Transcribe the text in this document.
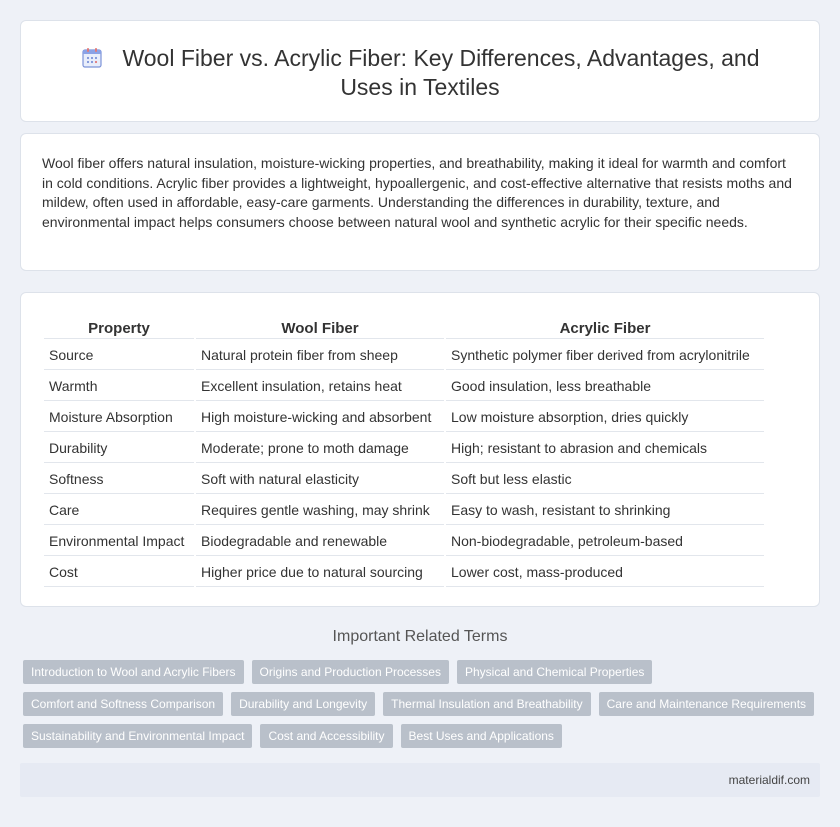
Wool Fiber vs. Acrylic Fiber: Key Differences, Advantages, and Uses in Textiles

Wool fiber offers natural insulation, moisture-wicking properties, and breathability, making it ideal for warmth and comfort in cold conditions. Acrylic fiber provides a lightweight, hypoallergenic, and cost-effective alternative that resists moths and mildew, often used in affordable, easy-care garments. Understanding the differences in durability, texture, and environmental impact helps consumers choose between natural wool and synthetic acrylic for their specific needs.

Property	Wool Fiber	Acrylic Fiber
Source	Natural protein fiber from sheep	Synthetic polymer fiber derived from acrylonitrile
Warmth	Excellent insulation, retains heat	Good insulation, less breathable
Moisture Absorption	High moisture-wicking and absorbent	Low moisture absorption, dries quickly
Durability	Moderate; prone to moth damage	High; resistant to abrasion and chemicals
Softness	Soft with natural elasticity	Soft but less elastic
Care	Requires gentle washing, may shrink	Easy to wash, resistant to shrinking
Environmental Impact	Biodegradable and renewable	Non-biodegradable, petroleum-based
Cost	Higher price due to natural sourcing	Lower cost, mass-produced
Important Related Terms
Introduction to Wool and Acrylic Fibers	Origins and Production Processes	Physical and Chemical Properties
Comfort and Softness Comparison	Durability and Longevity	Thermal Insulation and Breathability	Care and Maintenance Requirements
Sustainability and Environmental Impact	Cost and Accessibility	Best Uses and Applications
materialdif.com
